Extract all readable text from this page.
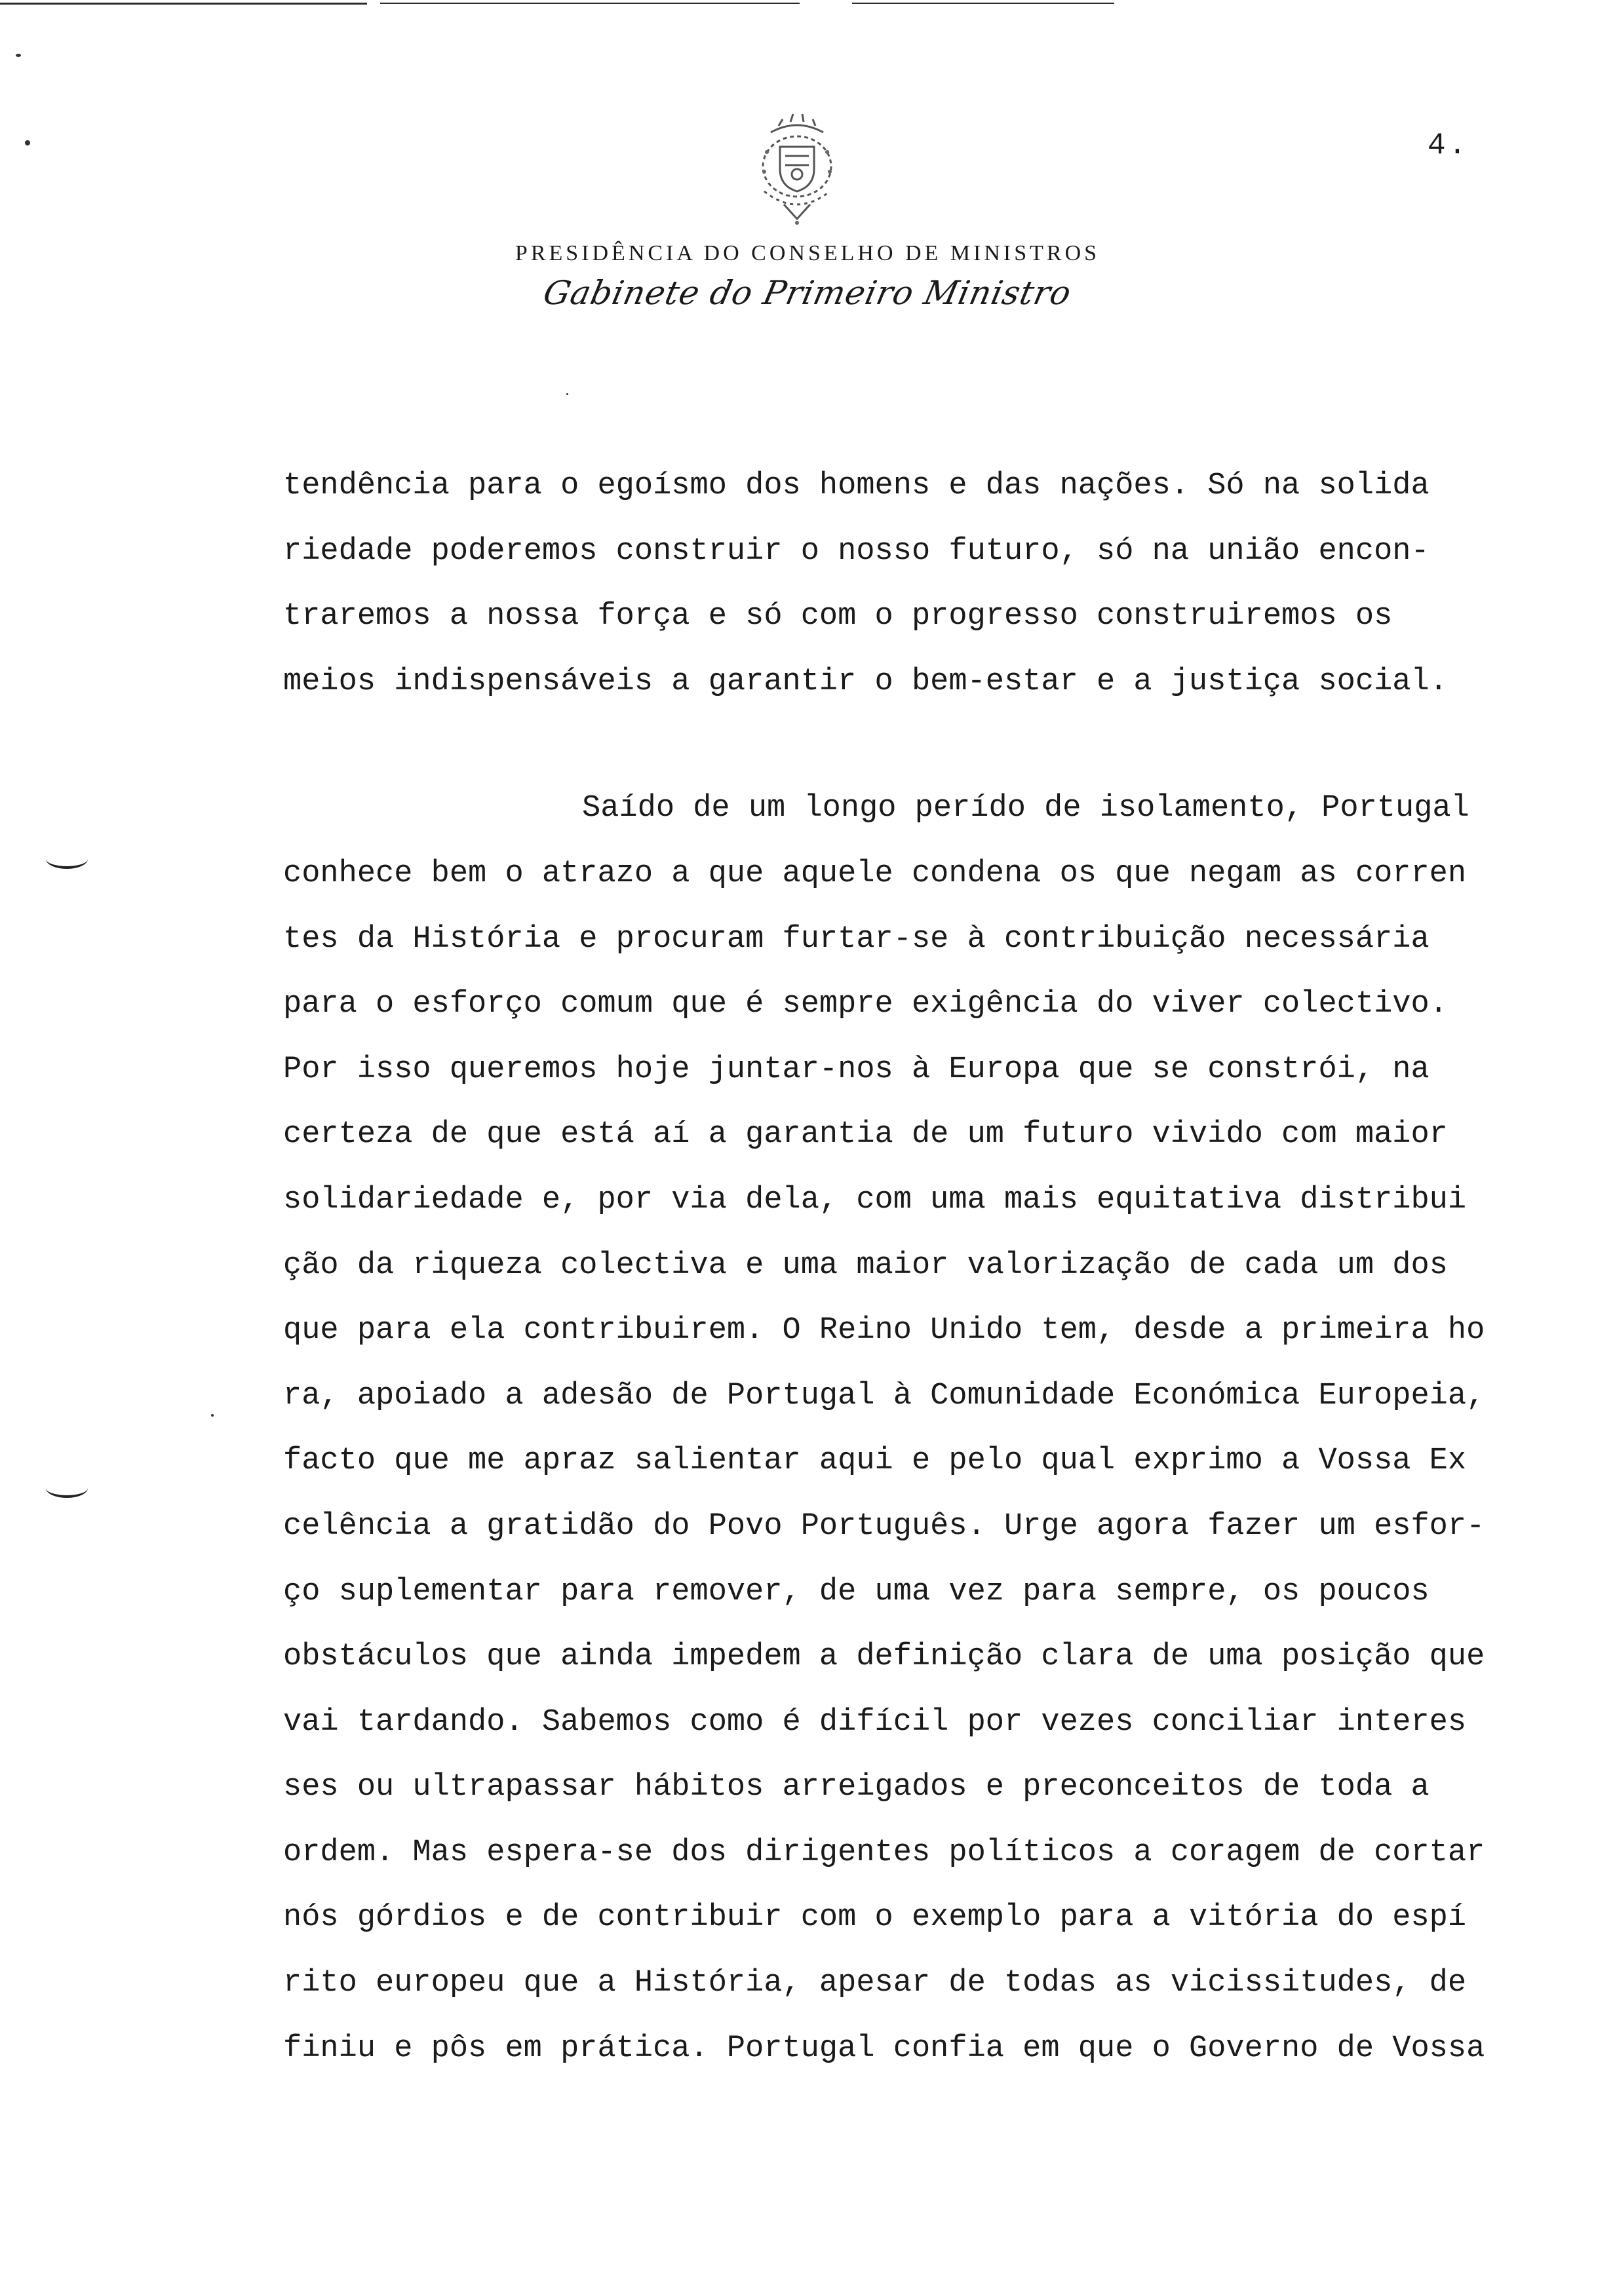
4.
PRESIDÊNCIA DO CONSELHO DE MINISTROS
Gabinete do Primeiro Ministro
tendência para o egoísmo dos homens e das nações. Só na solida
riedade poderemos construir o nosso futuro, só na união encon-
traremos a nossa força e só com o progresso construiremos os
meios indispensáveis a garantir o bem-estar e a justiça social.
Saído de um longo perído de isolamento, Portugal
conhece bem o atrazo a que aquele condena os que negam as corren
tes da História e procuram furtar-se à contribuição necessária
para o esforço comum que é sempre exigência do viver colectivo.
Por isso queremos hoje juntar-nos à Europa que se constrói, na
certeza de que está aí a garantia de um futuro vivido com maior
solidariedade e, por via dela, com uma mais equitativa distribui
ção da riqueza colectiva e uma maior valorização de cada um dos
que para ela contribuirem. O Reino Unido tem, desde a primeira ho
ra, apoiado a adesão de Portugal à Comunidade Económica Europeia,
facto que me apraz salientar aqui e pelo qual exprimo a Vossa Ex
celência a gratidão do Povo Português. Urge agora fazer um esfor-
ço suplementar para remover, de uma vez para sempre, os poucos
obstáculos que ainda impedem a definição clara de uma posição que
vai tardando. Sabemos como é difícil por vezes conciliar interes
ses ou ultrapassar hábitos arreigados e preconceitos de toda a
ordem. Mas espera-se dos dirigentes políticos a coragem de cortar
nós górdios e de contribuir com o exemplo para a vitória do espí
rito europeu que a História, apesar de todas as vicissitudes, de
finiu e pôs em prática. Portugal confia em que o Governo de Vossa
